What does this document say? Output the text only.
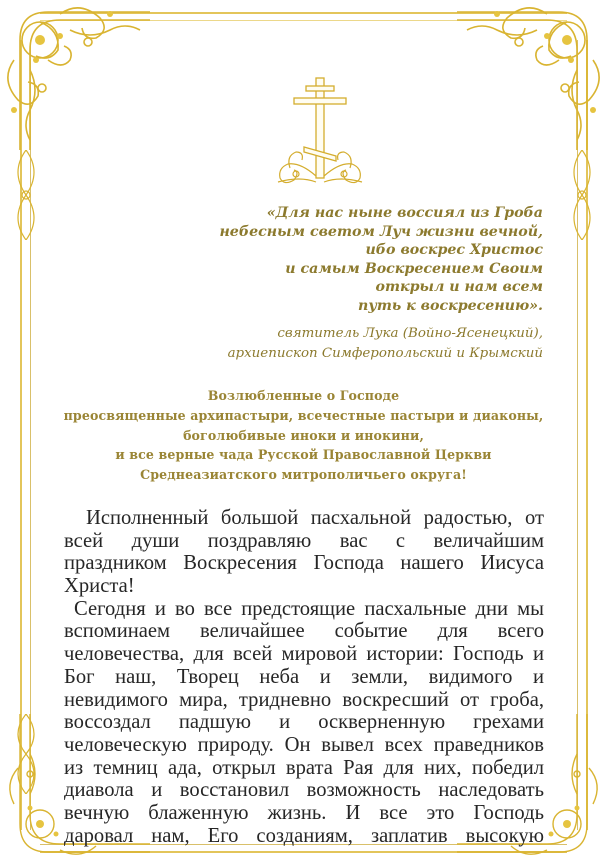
«Для нас ныне воссиял из Гроба
небесным светом Луч жизни вечной,
ибо воскрес Христос
и самым Воскресением Своим
открыл и нам всем
путь к воскресению».
святитель Лука (Войно-Ясенецкий),
архиепископ Симферопольский и Крымский
Возлюбленные о Господе
преосвященные архипастыри, всечестные пастыри и диаконы,
боголюбивые иноки и инокини,
и все верные чада Русской Православной Церкви
Среднеазиатского митрополичьего округа!
Исполненный большой пасхальной радостью, от
всей души поздравляю вас с величайшим
праздником Воскресения Господа нашего Иисуса
Христа!
Сегодня и во все предстоящие пасхальные дни мы
вспоминаем величайшее событие для всего
человечества, для всей мировой истории: Господь и
Бог наш, Творец неба и земли, видимого и
невидимого мира, тридневно воскресший от гроба,
воссоздал падшую и оскверненную грехами
человеческую природу. Он вывел всех праведников
из темниц ада, открыл врата Рая для них, победил
диавола и восстановил возможность наследовать
вечную блаженную жизнь. И все это Господь
даровал нам, Его созданиям, заплатив высокую
